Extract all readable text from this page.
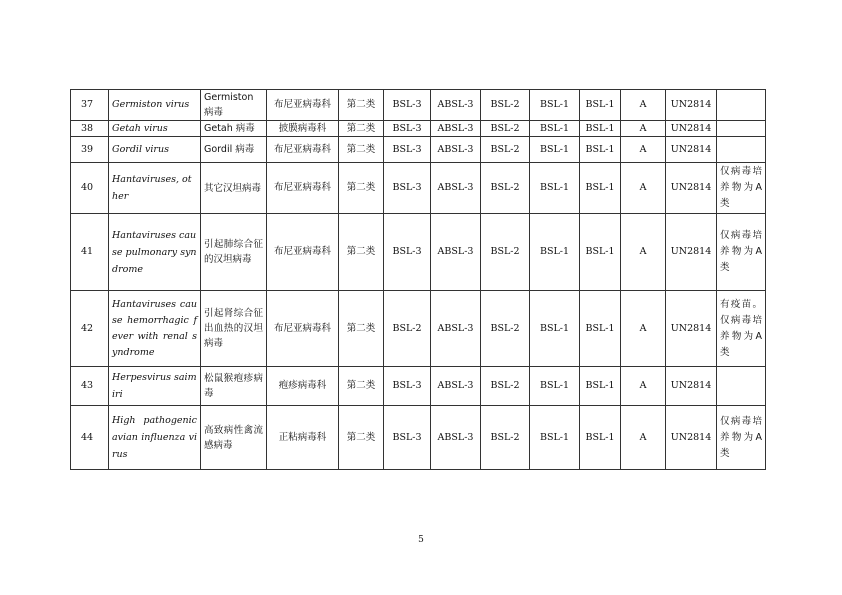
37	Germiston virus	Germiston 病毒	布尼亚病毒科	第二类	BSL-3	ABSL-3	BSL-2	BSL-1	BSL-1	A	UN2814	
38	Getah virus	Getah 病毒	披膜病毒科	第二类	BSL-3	ABSL-3	BSL-2	BSL-1	BSL-1	A	UN2814	
39	Gordil virus	Gordil 病毒	布尼亚病毒科	第二类	BSL-3	ABSL-3	BSL-2	BSL-1	BSL-1	A	UN2814	
40	Hantaviruses, other	其它汉坦病毒	布尼亚病毒科	第二类	BSL-3	ABSL-3	BSL-2	BSL-1	BSL-1	A	UN2814	仅病毒培养物为A类
41	Hantaviruses cause pulmonary syndrome	引起肺综合征的汉坦病毒	布尼亚病毒科	第二类	BSL-3	ABSL-3	BSL-2	BSL-1	BSL-1	A	UN2814	仅病毒培养物为A类
42	Hantaviruses cause hemorrhagic fever with renal syndrome	引起肾综合征出血热的汉坦病毒	布尼亚病毒科	第二类	BSL-2	ABSL-3	BSL-2	BSL-1	BSL-1	A	UN2814	有疫苗。仅病毒培养物为A类
43	Herpesvirus saimiri	松鼠猴疱疹病毒	疱疹病毒科	第二类	BSL-3	ABSL-3	BSL-2	BSL-1	BSL-1	A	UN2814	
44	High pathogenic avian influenza virus	高致病性禽流感病毒	正粘病毒科	第二类	BSL-3	ABSL-3	BSL-2	BSL-1	BSL-1	A	UN2814	仅病毒培养物为A类
5
